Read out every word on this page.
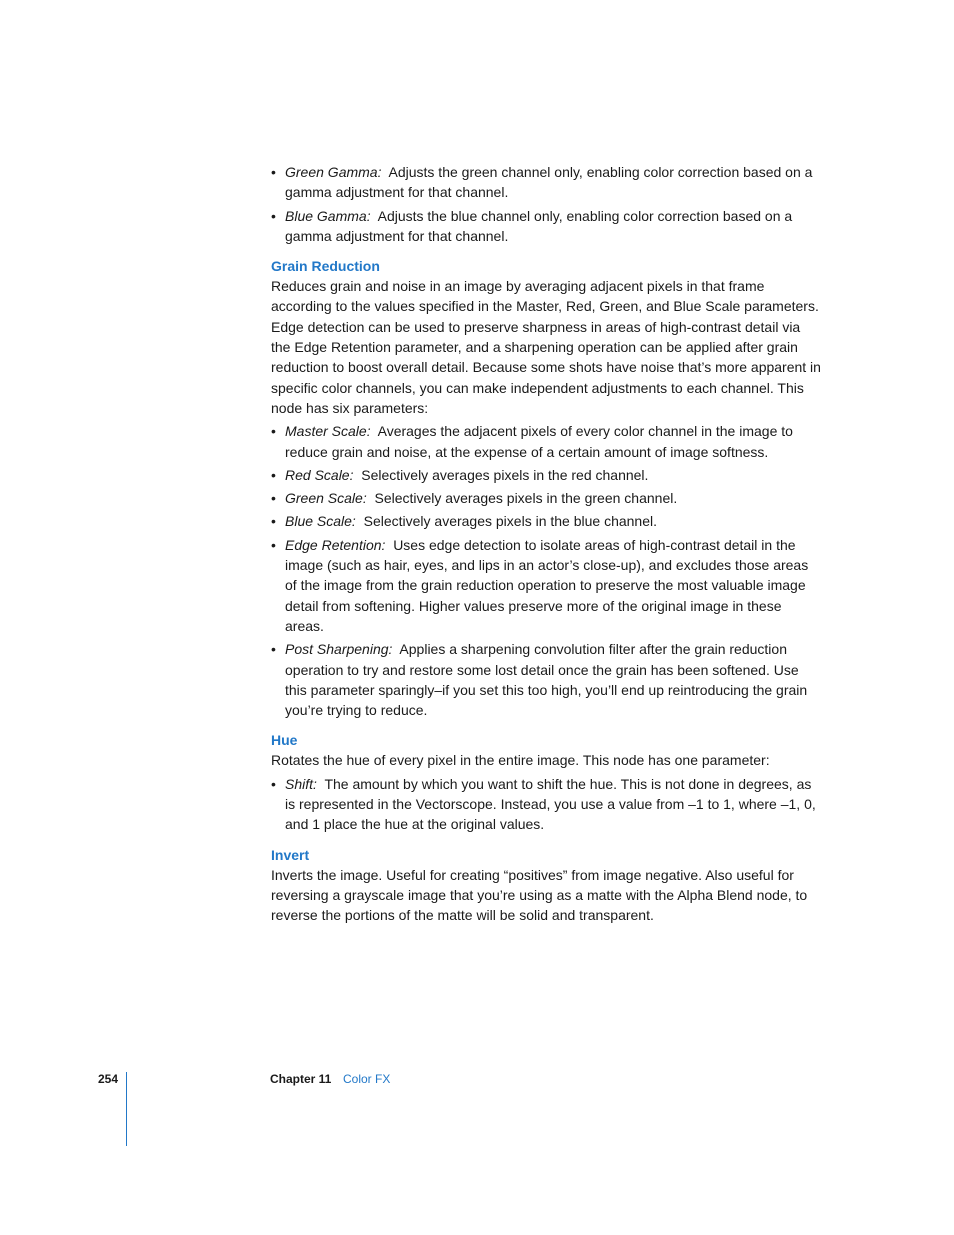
• Green Gamma: Adjusts the green channel only, enabling color correction based on a gamma adjustment for that channel.
• Blue Gamma: Adjusts the blue channel only, enabling color correction based on a gamma adjustment for that channel.
Grain Reduction

Reduces grain and noise in an image by averaging adjacent pixels in that frame according to the values specified in the Master, Red, Green, and Blue Scale parameters. Edge detection can be used to preserve sharpness in areas of high-contrast detail via the Edge Retention parameter, and a sharpening operation can be applied after grain reduction to boost overall detail. Because some shots have noise that’s more apparent in specific color channels, you can make independent adjustments to each channel. This node has six parameters:

• Master Scale: Averages the adjacent pixels of every color channel in the image to reduce grain and noise, at the expense of a certain amount of image softness.
• Red Scale: Selectively averages pixels in the red channel.
• Green Scale: Selectively averages pixels in the green channel.
• Blue Scale: Selectively averages pixels in the blue channel.
• Edge Retention: Uses edge detection to isolate areas of high-contrast detail in the image (such as hair, eyes, and lips in an actor’s close-up), and excludes those areas of the image from the grain reduction operation to preserve the most valuable image detail from softening. Higher values preserve more of the original image in these areas.
• Post Sharpening: Applies a sharpening convolution filter after the grain reduction operation to try and restore some lost detail once the grain has been softened. Use this parameter sparingly–if you set this too high, you’ll end up reintroducing the grain you’re trying to reduce.
Hue

Rotates the hue of every pixel in the entire image. This node has one parameter:

• Shift: The amount by which you want to shift the hue. This is not done in degrees, as is represented in the Vectorscope. Instead, you use a value from –1 to 1, where –1, 0, and 1 place the hue at the original values.
Invert

Inverts the image. Useful for creating “positives” from image negative. Also useful for reversing a grayscale image that you’re using as a matte with the Alpha Blend node, to reverse the portions of the matte will be solid and transparent.

254	Chapter 11 Color FX
